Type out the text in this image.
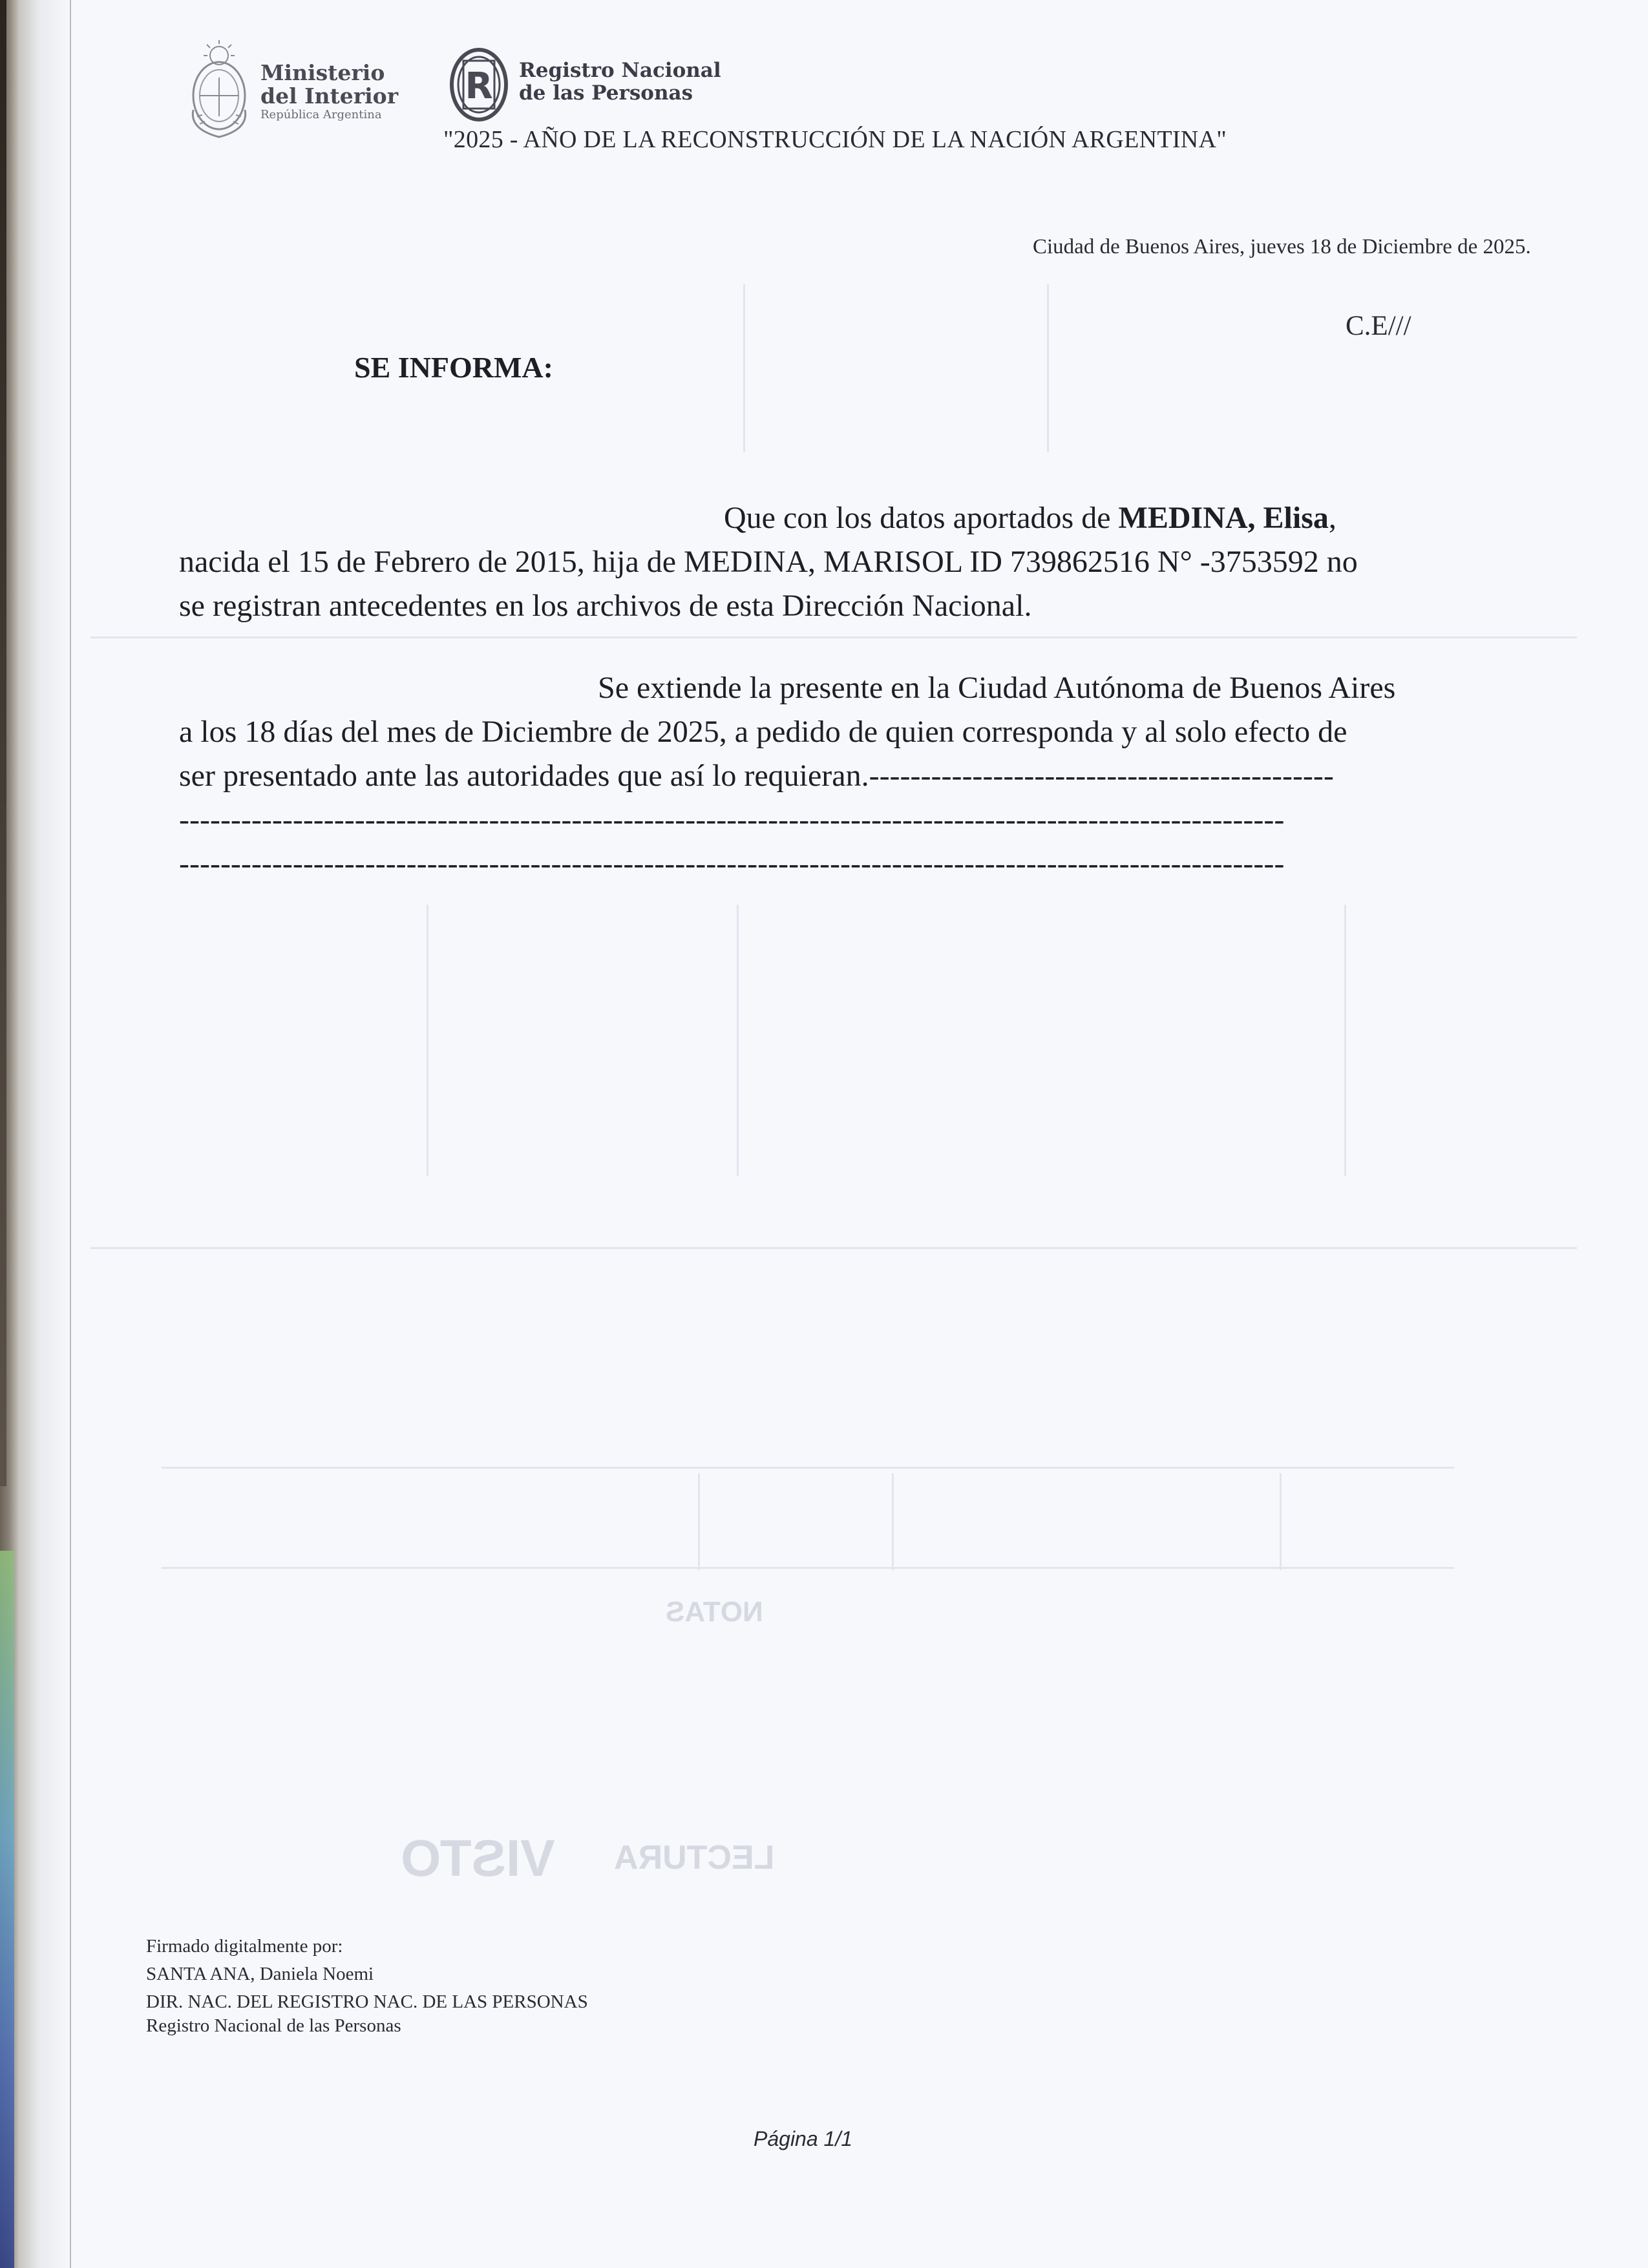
VISTO LECTURA
NOTAS
Ministerio
del Interior
República Argentina
R Registro Nacional
de las Personas
"2025 - AÑO DE LA RECONSTRUCCIÓN DE LA NACIÓN ARGENTINA"
Ciudad de Buenos Aires, jueves 18 de Diciembre de 2025.
C.E///
SE INFORMA:
Que con los datos aportados de MEDINA, Elisa,
nacida el 15 de Febrero de 2015, hija de MEDINA, MARISOL ID 739862516 N° -3753592 no
se registran antecedentes en los archivos de esta Dirección Nacional.
Se extiende la presente en la Ciudad Autónoma de Buenos Aires
a los 18 días del mes de Diciembre de 2025, a pedido de quien corresponda y al solo efecto de
ser presentado ante las autoridades que así lo requieran.---------------------------------------------
-----------------------------------------------------------------------------------------------------------
-----------------------------------------------------------------------------------------------------------
Firmado digitalmente por:
SANTA ANA, Daniela Noemi
DIR. NAC. DEL REGISTRO NAC. DE LAS PERSONAS
Registro Nacional de las Personas
Página 1/1
